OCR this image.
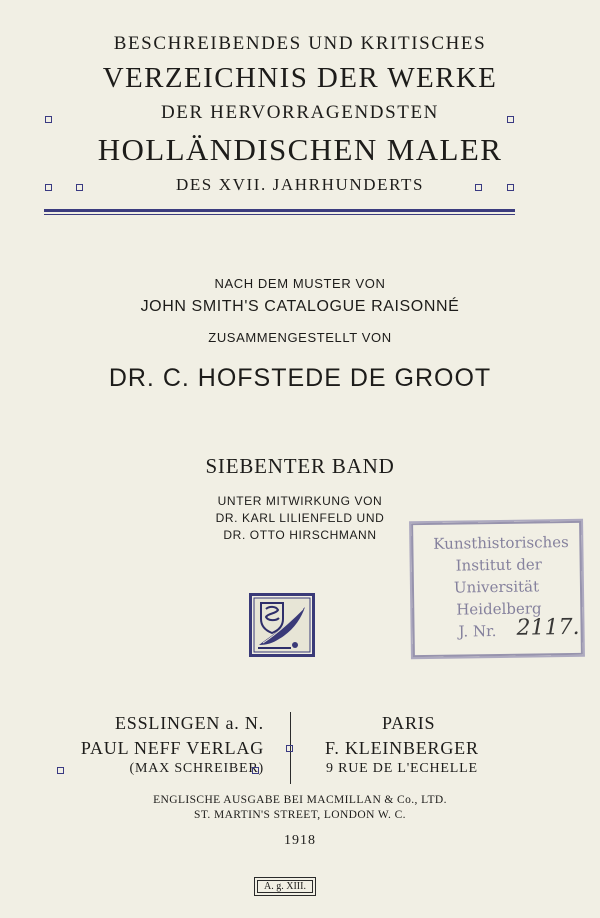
BESCHREIBENDES UND KRITISCHES
VERZEICHNIS DER WERKE
DER HERVORRAGENDSTEN
HOLLÄNDISCHEN MALER
DES XVII. JAHRHUNDERTS
NACH DEM MUSTER VON
JOHN SMITH'S CATALOGUE RAISONNÉ
ZUSAMMENGESTELLT VON
DR. C. HOFSTEDE DE GROOT
SIEBENTER BAND
UNTER MITWIRKUNG VON
DR. KARL LILIENFELD UND
DR. OTTO HIRSCHMANN	Kunsthistorisches
Institut der
Universität
Heidelberg
J. Nr. 2117.
ESSLINGEN a. N.
PAUL NEFF VERLAG
(MAX SCHREIBER)
PARIS
F. KLEINBERGER
9 RUE DE L'ECHELLE
ENGLISCHE AUSGABE BEI MACMILLAN & Co., LTD.
ST. MARTIN'S STREET, LONDON W. C.
1918
A. g. XIII.
